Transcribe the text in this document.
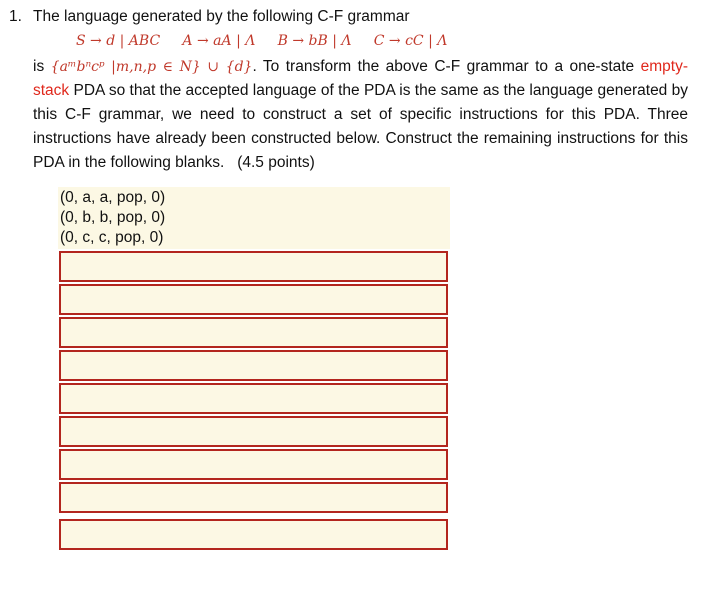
1. The language generated by the following C-F grammar
S → d | ABC     A → aA | Λ     B → bB | Λ     C → cC | Λ
is {aᵐbⁿcᵖ |m,n,p ∈ N} ∪ {d}. To transform the above C-F grammar to a one-state empty-stack PDA so that the accepted language of the PDA is the same as the language generated by this C-F grammar, we need to construct a set of specific instructions for this PDA. Three instructions have already been constructed below. Construct the remaining instructions for this PDA in the following blanks. (4.5 points)
(0, a, a, pop, 0)
(0, b, b, pop, 0)
(0, c, c, pop, 0)
